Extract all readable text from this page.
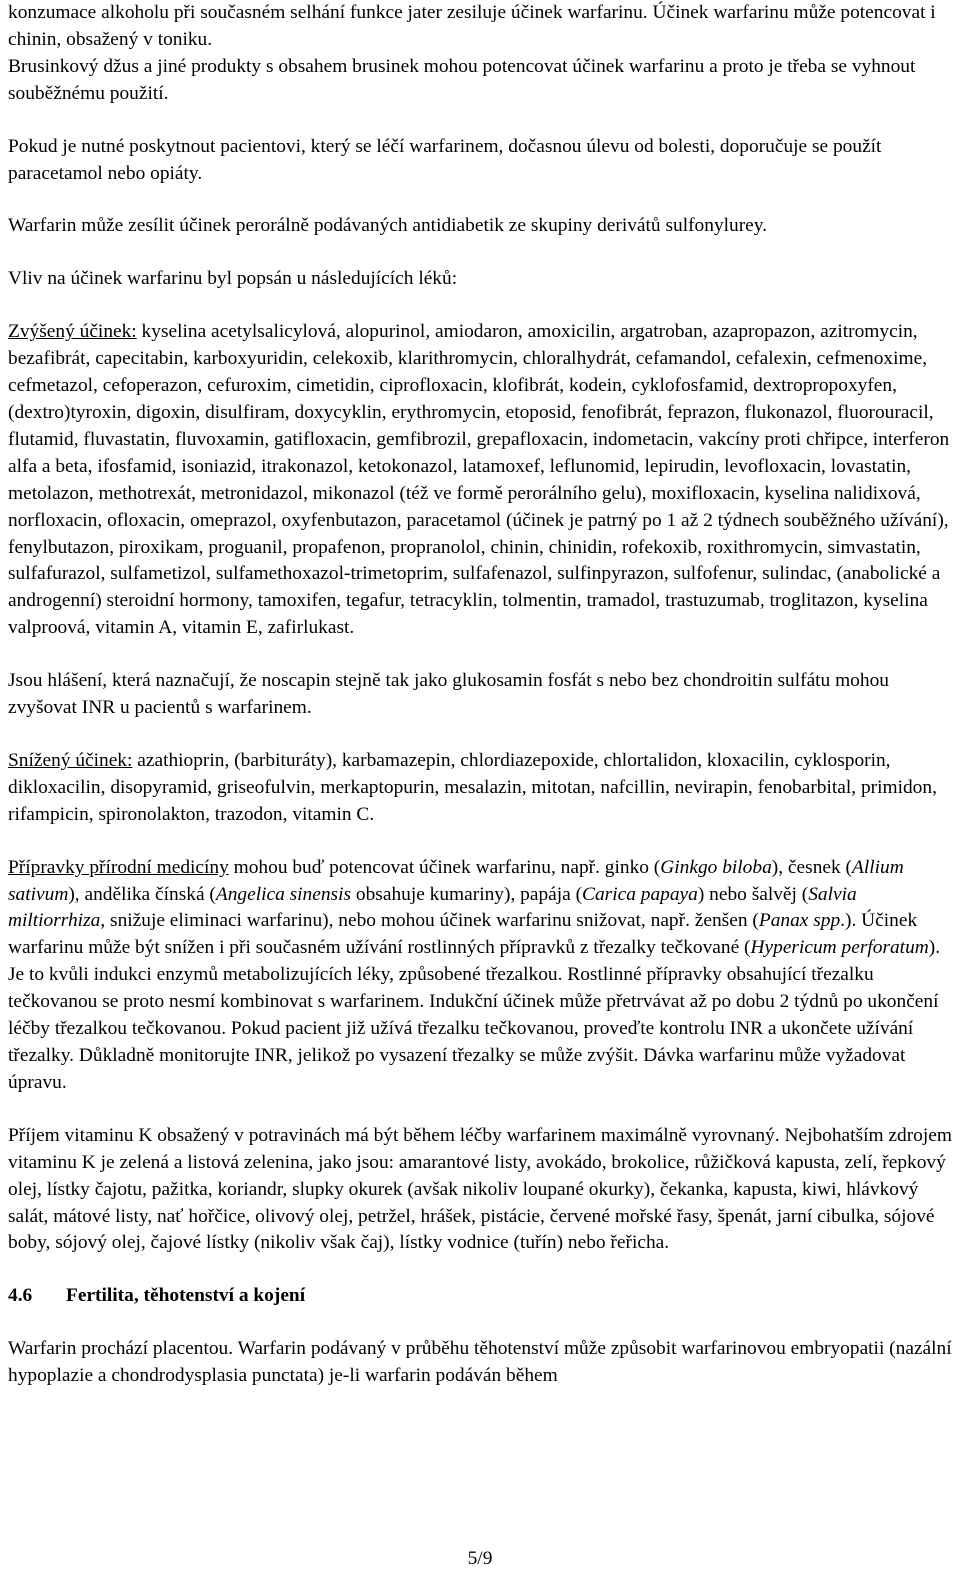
konzumace alkoholu při současném selhání funkce jater zesiluje účinek warfarinu. Účinek warfarinu může potencovat i chinin, obsažený v toniku.

Brusinkový džus a jiné produkty s obsahem brusinek mohou potencovat účinek warfarinu a proto je třeba se vyhnout souběžnému použití.

Pokud je nutné poskytnout pacientovi, který se léčí warfarinem, dočasnou úlevu od bolesti, doporučuje se použít paracetamol nebo opiáty.

Warfarin může zesílit účinek perorálně podávaných antidiabetik ze skupiny derivátů sulfonylurey.

Vliv na účinek warfarinu byl popsán u následujících léků:

Zvýšený účinek: kyselina acetylsalicylová, alopurinol, amiodaron, amoxicilin, argatroban, azapropazon, azitromycin, bezafibrát, capecitabin, karboxyuridin, celekoxib, klarithromycin, chloralhydrát, cefamandol, cefalexin, cefmenoxime, cefmetazol, cefoperazon, cefuroxim, cimetidin, ciprofloxacin, klofibrát, kodein, cyklofosfamid, dextropropoxyfen, (dextro)tyroxin, digoxin, disulfiram, doxycyklin, erythromycin, etoposid, fenofibrát, feprazon, flukonazol, fluorouracil, flutamid, fluvastatin, fluvoxamin, gatifloxacin, gemfibrozil, grepafloxacin, indometacin, vakcíny proti chřipce, interferon alfa a beta, ifosfamid, isoniazid, itrakonazol, ketokonazol, latamoxef, leflunomid, lepirudin, levofloxacin, lovastatin, metolazon, methotrexát, metronidazol, mikonazol (též ve formě perorálního gelu), moxifloxacin, kyselina nalidixová, norfloxacin, ofloxacin, omeprazol, oxyfenbutazon, paracetamol (účinek je patrný po 1 až 2 týdnech souběžného užívání), fenylbutazon, piroxikam, proguanil, propafenon, propranolol, chinin, chinidin, rofekoxib, roxithromycin, simvastatin, sulfafurazol, sulfametizol, sulfamethoxazol-trimetoprim, sulfafenazol, sulfinpyrazon, sulfofenur, sulindac, (anabolické a androgenní) steroidní hormony, tamoxifen, tegafur, tetracyklin, tolmentin, tramadol, trastuzumab, troglitazon, kyselina valproová, vitamin A, vitamin E, zafirlukast.

Jsou hlášení, která naznačují, že noscapin stejně tak jako glukosamin fosfát s nebo bez chondroitin sulfátu mohou zvyšovat INR u pacientů s warfarinem.

Snížený účinek: azathioprin, (barbituráty), karbamazepin, chlordiazepoxide, chlortalidon, kloxacilin, cyklosporin, dikloxacilin, disopyramid, griseofulvin, merkaptopurin, mesalazin, mitotan, nafcillin, nevirapin, fenobarbital, primidon, rifampicin, spironolakton, trazodon, vitamin C.

Přípravky přírodní medicíny mohou buď potencovat účinek warfarinu, např. ginko (Ginkgo biloba), česnek (Allium sativum), andělika čínská (Angelica sinensis obsahuje kumariny), papája (Carica papaya) nebo šalvěj (Salvia miltiorrhiza, snižuje eliminaci warfarinu), nebo mohou účinek warfarinu snižovat, např. ženšen (Panax spp.). Účinek warfarinu může být snížen i při současném užívání rostlinných přípravků z třezalky tečkované (Hypericum perforatum). Je to kvůli indukci enzymů metabolizujících léky, způsobené třezalkou. Rostlinné přípravky obsahující třezalku tečkovanou se proto nesmí kombinovat s warfarinem. Indukční účinek může přetrvávat až po dobu 2 týdnů po ukončení léčby třezalkou tečkovanou. Pokud pacient již užívá třezalku tečkovanou, proveďte kontrolu INR a ukončete užívání třezalky. Důkladně monitorujte INR, jelikož po vysazení třezalky se může zvýšit. Dávka warfarinu může vyžadovat úpravu.

Příjem vitaminu K obsažený v potravinách má být během léčby warfarinem maximálně vyrovnaný. Nejbohatším zdrojem vitaminu K je zelená a listová zelenina, jako jsou: amarantové listy, avokádo, brokolice, růžičková kapusta, zelí, řepkový olej, lístky čajotu, pažitka, koriandr, slupky okurek (avšak nikoliv loupané okurky), čekanka, kapusta, kiwi, hlávkový salát, mátové listy, nať hořčice, olivový olej, petržel, hrášek, pistácie, červené mořské řasy, špenát, jarní cibulka, sójové boby, sójový olej, čajové lístky (nikoliv však čaj), lístky vodnice (tuřín) nebo řeřicha.

4.6 Fertilita, těhotenství a kojení

Warfarin prochází placentou. Warfarin podávaný v průběhu těhotenství může způsobit warfarinovou embryopatii (nazální hypoplazie a chondrodysplasia punctata) je-li warfarin podáván během

5/9
